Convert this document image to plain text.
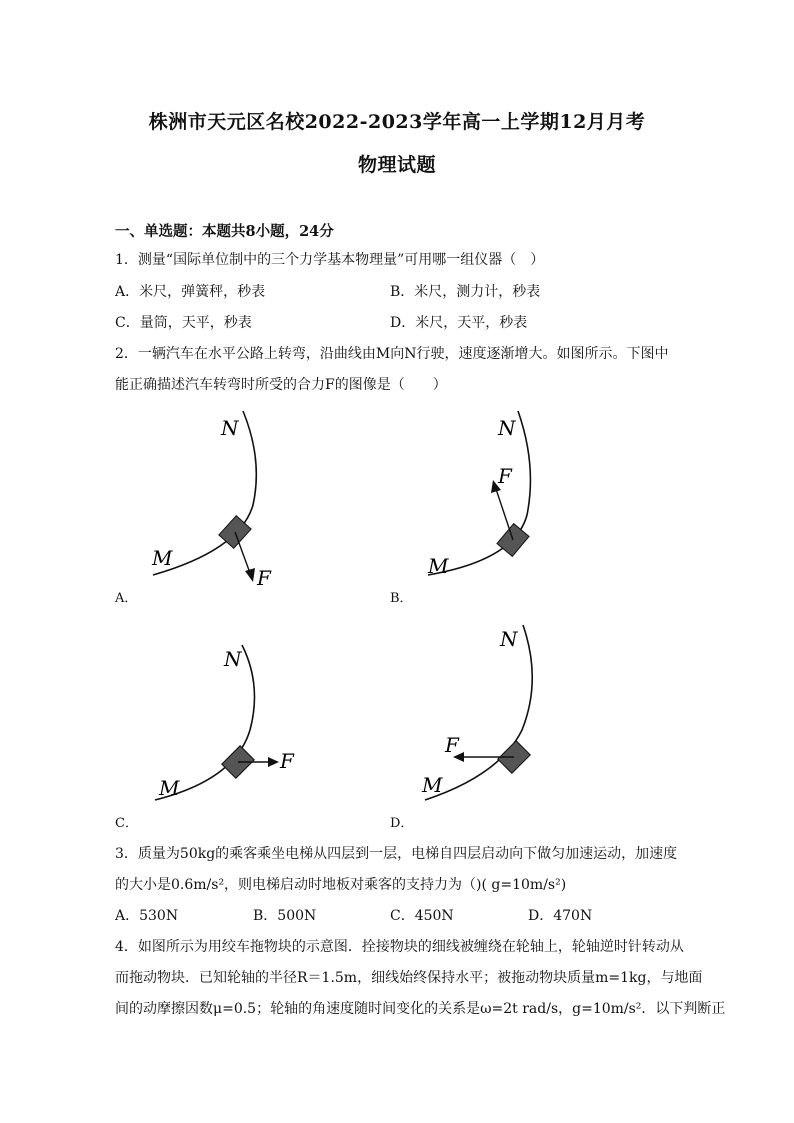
株洲市天元区名校2022-2023学年高一上学期12月月考
物理试题
一、单选题：本题共8小题，24分
1．测量“国际单位制中的三个力学基本物理量”可用哪一组仪器（　）
A．米尺，弹簧秤，秒表	B．米尺，测力计，秒表
C．量筒，天平，秒表	D．米尺，天平，秒表
2．一辆汽车在水平公路上转弯，沿曲线由M向N行驶，速度逐渐增大。如图所示。下图中
能正确描述汽车转弯时所受的合力F的图像是（　　）
N
M
F
A．
N
M
F
B．
N
M
F
C．
N
M
F
D．
3．质量为50kg的乘客乘坐电梯从四层到一层，电梯自四层启动向下做匀加速运动，加速度
的大小是0.6m/s²，则电梯启动时地板对乘客的支持力为（)( g=10m/s²)
A．530N	B．500N	C．450N	D．470N
4．如图所示为用绞车拖物块的示意图．拴接物块的细线被缠绕在轮轴上，轮轴逆时针转动从
而拖动物块．已知轮轴的半径R＝1.5m，细线始终保持水平；被拖动物块质量m=1kg，与地面
间的动摩擦因数μ=0.5；轮轴的角速度随时间变化的关系是ω=2t rad/s，g=10m/s²．以下判断正
